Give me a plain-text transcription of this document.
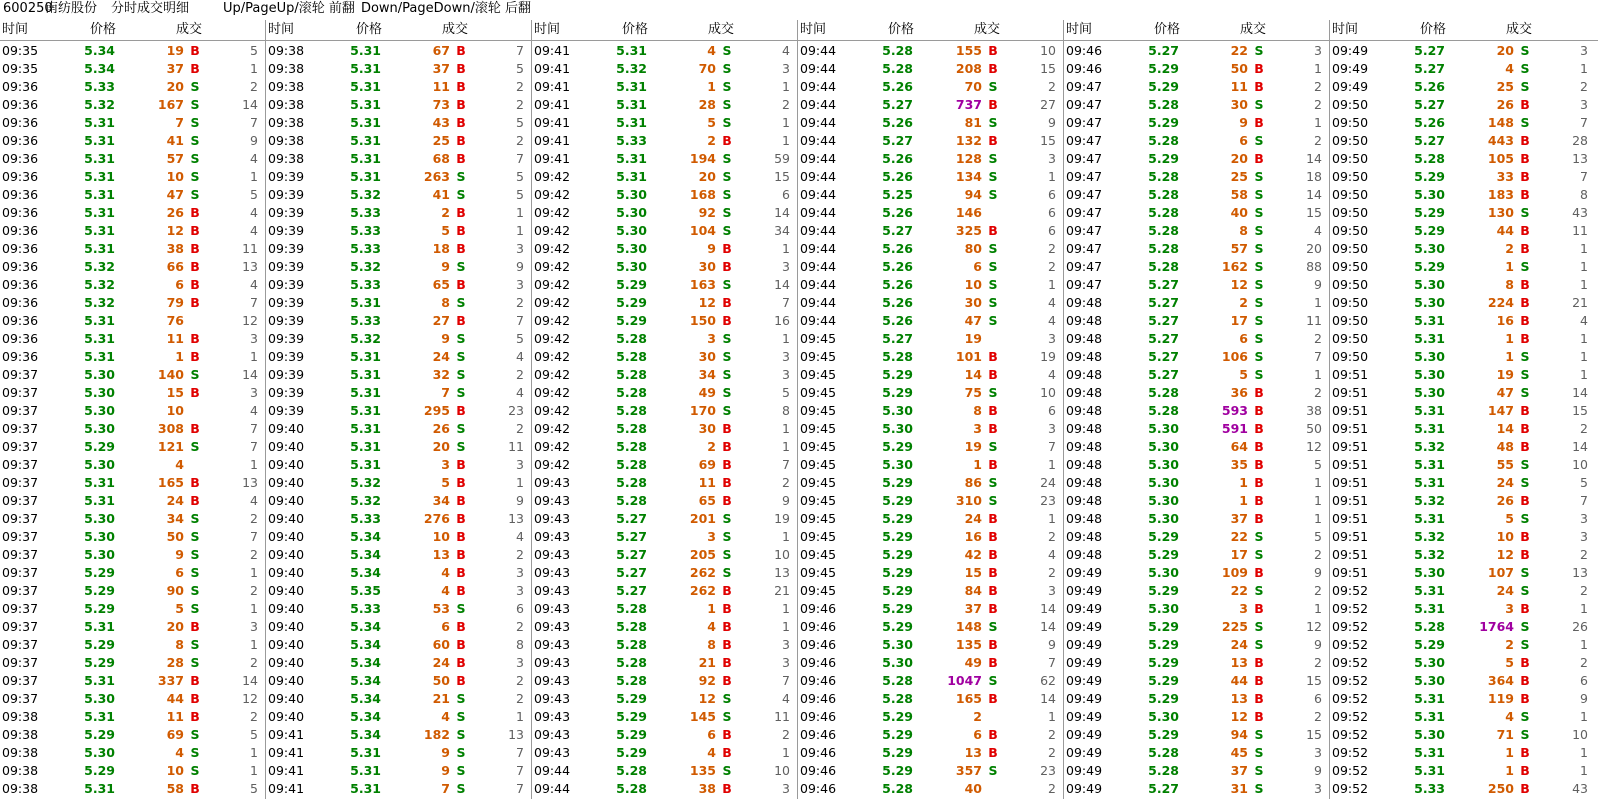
600250南纺股份 分时成交明细	Up/PageUp/滚轮 前翻 Down/PageDown/滚轮 后翻
时间	价格	成交
09:35	5.34	19 B	5
09:35	5.34	37 B	1
09:36	5.33	20 S	2
09:36	5.32	167 S	14
09:36	5.31	7 S	7
09:36	5.31	41 S	9
09:36	5.31	57 S	4
09:36	5.31	10 S	1
09:36	5.31	47 S	5
09:36	5.31	26 B	4
09:36	5.31	12 B	4
09:36	5.31	38 B	11
09:36	5.32	66 B	13
09:36	5.32	6 B	4
09:36	5.32	79 B	7
09:36	5.31	76	12
09:36	5.31	11 B	3
09:36	5.31	1 B	1
09:37	5.30	140 S	14
09:37	5.30	15 B	3
09:37	5.30	10	4
09:37	5.30	308 B	7
09:37	5.29	121 S	7
09:37	5.30	4	1
09:37	5.31	165 B	13
09:37	5.31	24 B	4
09:37	5.30	34 S	2
09:37	5.30	50 S	7
09:37	5.30	9 S	2
09:37	5.29	6 S	1
09:37	5.29	90 S	2
09:37	5.29	5 S	1
09:37	5.31	20 B	3
09:37	5.29	8 S	1
09:37	5.29	28 S	2
09:37	5.31	337 B	14
09:37	5.30	44 B	12
09:38	5.31	11 B	2
09:38	5.29	69 S	5
09:38	5.30	4 S	1
09:38	5.29	10 S	1
09:38	5.31	58 B	5
时间	价格	成交
09:38	5.31	67 B	7
09:38	5.31	37 B	5
09:38	5.31	11 B	2
09:38	5.31	73 B	2
09:38	5.31	43 B	5
09:38	5.31	25 B	2
09:38	5.31	68 B	7
09:39	5.31	263 S	5
09:39	5.32	41 S	5
09:39	5.33	2 B	1
09:39	5.33	5 B	1
09:39	5.33	18 B	3
09:39	5.32	9 S	9
09:39	5.33	65 B	3
09:39	5.31	8 S	2
09:39	5.33	27 B	7
09:39	5.32	9 S	5
09:39	5.31	24 S	4
09:39	5.31	32 S	2
09:39	5.31	7 S	4
09:39	5.31	295 B	23
09:40	5.31	26 S	2
09:40	5.31	20 S	11
09:40	5.31	3 B	3
09:40	5.32	5 B	1
09:40	5.32	34 B	9
09:40	5.33	276 B	13
09:40	5.34	10 B	4
09:40	5.34	13 B	2
09:40	5.34	4 B	3
09:40	5.35	4 B	3
09:40	5.33	53 S	6
09:40	5.34	6 B	2
09:40	5.34	60 B	8
09:40	5.34	24 B	3
09:40	5.34	50 B	2
09:40	5.34	21 S	2
09:40	5.34	4 S	1
09:41	5.34	182 S	13
09:41	5.31	9 S	7
09:41	5.31	9 S	7
09:41	5.31	7 S	7
时间	价格	成交
09:41	5.31	4 S	4
09:41	5.32	70 S	3
09:41	5.31	1 S	1
09:41	5.31	28 S	2
09:41	5.31	5 S	1
09:41	5.33	2 B	1
09:41	5.31	194 S	59
09:42	5.31	20 S	15
09:42	5.30	168 S	6
09:42	5.30	92 S	14
09:42	5.30	104 S	34
09:42	5.30	9 B	1
09:42	5.30	30 B	3
09:42	5.29	163 S	14
09:42	5.29	12 B	7
09:42	5.29	150 B	16
09:42	5.28	3 S	1
09:42	5.28	30 S	3
09:42	5.28	34 S	3
09:42	5.28	49 S	5
09:42	5.28	170 S	8
09:42	5.28	30 B	1
09:42	5.28	2 B	1
09:42	5.28	69 B	7
09:43	5.28	11 B	2
09:43	5.28	65 B	9
09:43	5.27	201 S	19
09:43	5.27	3 S	1
09:43	5.27	205 S	10
09:43	5.27	262 S	13
09:43	5.27	262 B	21
09:43	5.28	1 B	1
09:43	5.28	4 B	1
09:43	5.28	8 B	3
09:43	5.28	21 B	3
09:43	5.28	92 B	7
09:43	5.29	12 S	4
09:43	5.29	145 S	11
09:43	5.29	6 B	2
09:43	5.29	4 B	1
09:44	5.28	135 S	10
09:44	5.28	38 B	3
时间	价格	成交
09:44	5.28	155 B	10
09:44	5.28	208 B	15
09:44	5.26	70 S	2
09:44	5.27	737 B	27
09:44	5.26	81 S	9
09:44	5.27	132 B	15
09:44	5.26	128 S	3
09:44	5.26	134 S	1
09:44	5.25	94 S	6
09:44	5.26	146	6
09:44	5.27	325 B	6
09:44	5.26	80 S	2
09:44	5.26	6 S	2
09:44	5.26	10 S	1
09:44	5.26	30 S	4
09:44	5.26	47 S	4
09:45	5.27	19	3
09:45	5.28	101 B	19
09:45	5.29	14 B	4
09:45	5.29	75 S	10
09:45	5.30	8 B	6
09:45	5.30	3 B	3
09:45	5.29	19 S	7
09:45	5.30	1 B	1
09:45	5.29	86 S	24
09:45	5.29	310 S	23
09:45	5.29	24 B	1
09:45	5.29	16 B	2
09:45	5.29	42 B	4
09:45	5.29	15 B	2
09:45	5.29	84 B	3
09:46	5.29	37 B	14
09:46	5.29	148 S	14
09:46	5.30	135 B	9
09:46	5.30	49 B	7
09:46	5.28	1047 S	62
09:46	5.28	165 B	14
09:46	5.29	2	1
09:46	5.29	6 B	2
09:46	5.29	13 B	2
09:46	5.29	357 S	23
09:46	5.28	40	2
时间	价格	成交
09:46	5.27	22 S	3
09:46	5.29	50 B	1
09:47	5.29	11 B	2
09:47	5.28	30 S	2
09:47	5.29	9 B	1
09:47	5.28	6 S	2
09:47	5.29	20 B	14
09:47	5.28	25 S	18
09:47	5.28	58 S	14
09:47	5.28	40 S	15
09:47	5.28	8 S	4
09:47	5.28	57 S	20
09:47	5.28	162 S	88
09:47	5.27	12 S	9
09:48	5.27	2 S	1
09:48	5.27	17 S	11
09:48	5.27	6 S	2
09:48	5.27	106 S	7
09:48	5.27	5 S	1
09:48	5.28	36 B	2
09:48	5.28	593 B	38
09:48	5.30	591 B	50
09:48	5.30	64 B	12
09:48	5.30	35 B	5
09:48	5.30	1 B	1
09:48	5.30	1 B	1
09:48	5.30	37 B	1
09:48	5.29	22 S	5
09:48	5.29	17 S	2
09:49	5.30	109 B	9
09:49	5.29	22 S	2
09:49	5.30	3 B	1
09:49	5.29	225 S	12
09:49	5.29	24 S	9
09:49	5.29	13 B	2
09:49	5.29	44 B	15
09:49	5.29	13 B	6
09:49	5.30	12 B	2
09:49	5.29	94 S	15
09:49	5.28	45 S	3
09:49	5.28	37 S	9
09:49	5.27	31 S	3
时间	价格	成交
09:49	5.27	20 S	3
09:49	5.27	4 S	1
09:49	5.26	25 S	2
09:50	5.27	26 B	3
09:50	5.26	148 S	7
09:50	5.27	443 B	28
09:50	5.28	105 B	13
09:50	5.29	33 B	7
09:50	5.30	183 B	8
09:50	5.29	130 S	43
09:50	5.29	44 B	11
09:50	5.30	2 B	1
09:50	5.29	1 S	1
09:50	5.30	8 B	1
09:50	5.30	224 B	21
09:50	5.31	16 B	4
09:50	5.31	1 B	1
09:50	5.30	1 S	1
09:51	5.30	19 S	1
09:51	5.30	47 S	14
09:51	5.31	147 B	15
09:51	5.31	14 B	2
09:51	5.32	48 B	14
09:51	5.31	55 S	10
09:51	5.31	24 S	5
09:51	5.32	26 B	7
09:51	5.31	5 S	3
09:51	5.32	10 B	3
09:51	5.32	12 B	2
09:51	5.30	107 S	13
09:52	5.31	24 S	2
09:52	5.31	3 B	1
09:52	5.28	1764 S	26
09:52	5.29	2 S	1
09:52	5.30	5 B	2
09:52	5.30	364 B	6
09:52	5.31	119 B	9
09:52	5.31	4 S	1
09:52	5.30	71 S	10
09:52	5.31	1 B	1
09:52	5.31	1 B	1
09:52	5.33	250 B	43
